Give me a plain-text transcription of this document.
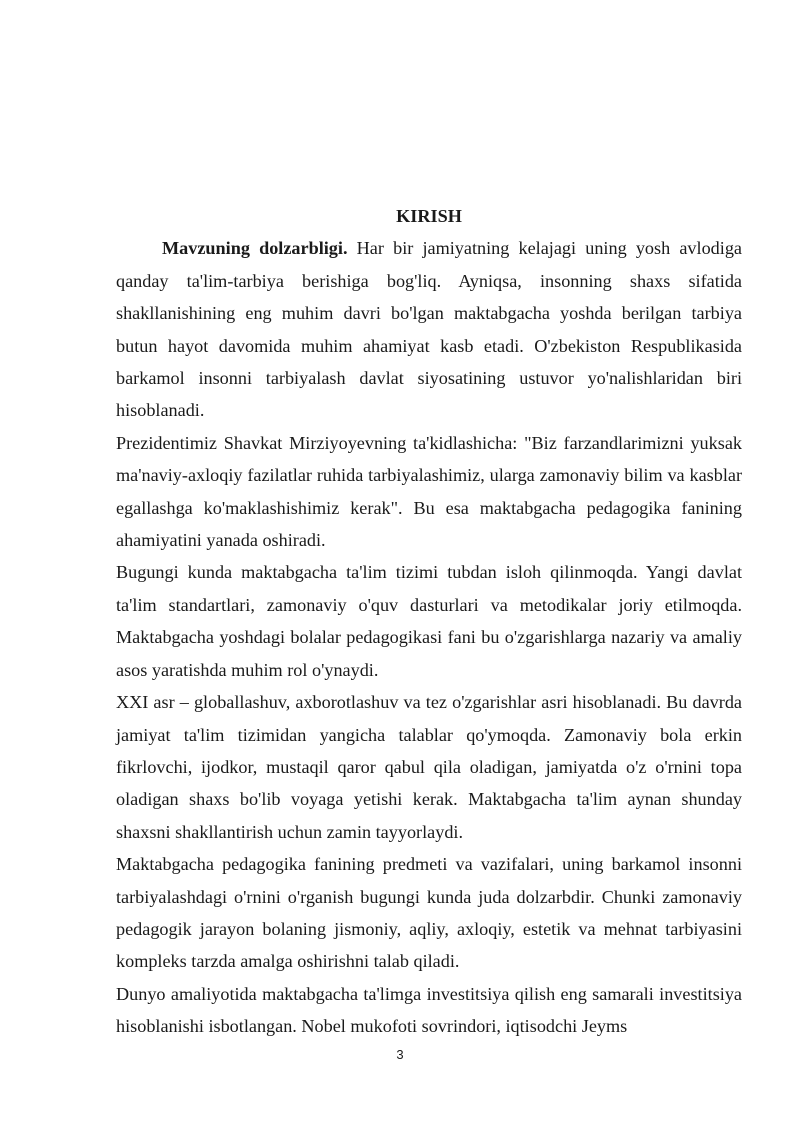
KIRISH

Mavzuning dolzarbligi. Har bir jamiyatning kelajagi uning yosh avlodiga qanday ta'lim-tarbiya berishiga bog'liq. Ayniqsa, insonning shaxs sifatida shakllanishining eng muhim davri bo'lgan maktabgacha yoshda berilgan tarbiya butun hayot davomida muhim ahamiyat kasb etadi. O'zbekiston Respublikasida barkamol insonni tarbiyalash davlat siyosatining ustuvor yo'nalishlaridan biri hisoblanadi.

Prezidentimiz Shavkat Mirziyoyevning ta'kidlashicha: "Biz farzandlarimizni yuksak ma'naviy-axloqiy fazilatlar ruhida tarbiyalashimiz, ularga zamonaviy bilim va kasblar egallashga ko'maklashishimiz kerak". Bu esa maktabgacha pedagogika fanining ahamiyatini yanada oshiradi.

Bugungi kunda maktabgacha ta'lim tizimi tubdan isloh qilinmoqda. Yangi davlat ta'lim standartlari, zamonaviy o'quv dasturlari va metodikalar joriy etilmoqda. Maktabgacha yoshdagi bolalar pedagogikasi fani bu o'zgarishlarga nazariy va amaliy asos yaratishda muhim rol o'ynaydi.

XXI asr – globallashuv, axborotlashuv va tez o'zgarishlar asri hisoblanadi. Bu davrda jamiyat ta'lim tizimidan yangicha talablar qo'ymoqda. Zamonaviy bola erkin fikrlovchi, ijodkor, mustaqil qaror qabul qila oladigan, jamiyatda o'z o'rnini topa oladigan shaxs bo'lib voyaga yetishi kerak. Maktabgacha ta'lim aynan shunday shaxsni shakllantirish uchun zamin tayyorlaydi.

Maktabgacha pedagogika fanining predmeti va vazifalari, uning barkamol insonni tarbiyalashdagi o'rnini o'rganish bugungi kunda juda dolzarbdir. Chunki zamonaviy pedagogik jarayon bolaning jismoniy, aqliy, axloqiy, estetik va mehnat tarbiyasini kompleks tarzda amalga oshirishni talab qiladi.

Dunyo amaliyotida maktabgacha ta'limga investitsiya qilish eng samarali investitsiya hisoblanishi isbotlangan. Nobel mukofoti sovrindori, iqtisodchi Jeyms

3
